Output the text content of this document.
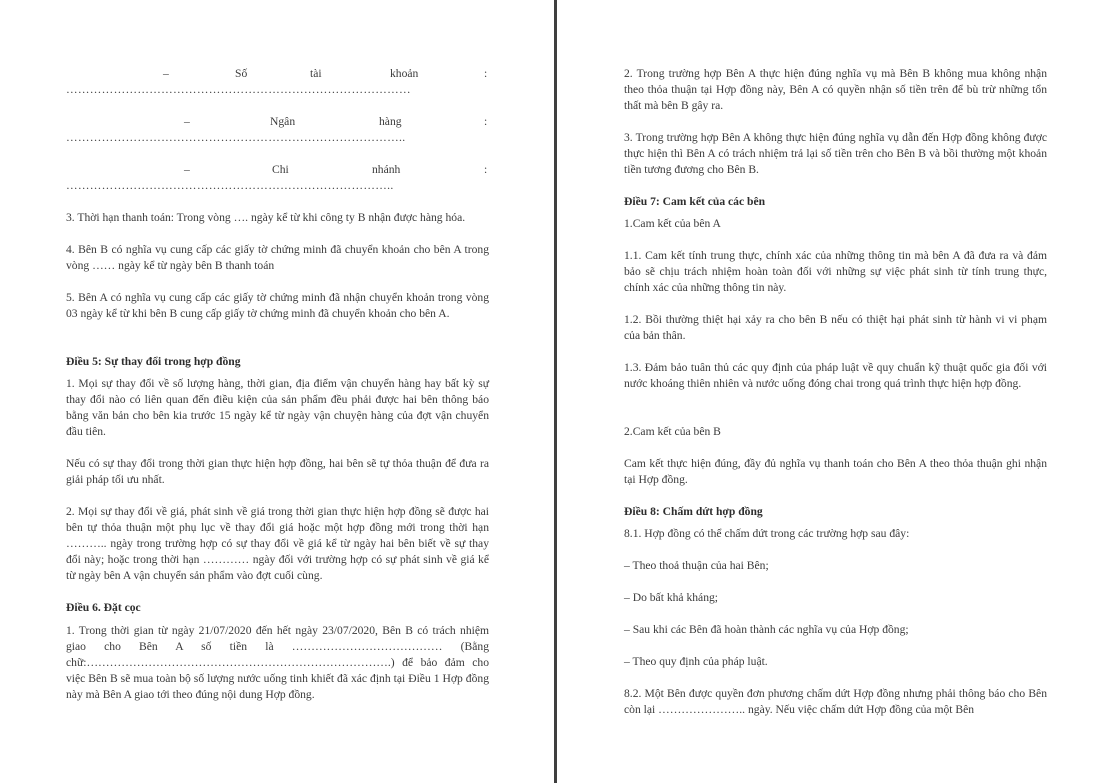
–	Số	tài	khoản	:
……………………………………………………………………………
–	Ngân	hàng	:
…………………………………………………………………………..
–	Chi	nhánh	:
………………………………………………………………………..

3. Thời hạn thanh toán: Trong vòng …. ngày kể từ khi công ty B nhận được hàng hóa.

4. Bên B có nghĩa vụ cung cấp các giấy tờ chứng minh đã chuyển khoản cho bên A trong vòng …… ngày kể từ ngày bên B thanh toán

5. Bên A có nghĩa vụ cung cấp các giấy tờ chứng minh đã nhận chuyển khoản trong vòng 03 ngày kể từ khi bên B cung cấp giấy tờ chứng minh đã chuyển khoản cho bên A.

Điều 5: Sự thay đổi trong hợp đồng

1. Mọi sự thay đổi về số lượng hàng, thời gian, địa điểm vận chuyển hàng hay bất kỳ sự thay đổi nào có liên quan đến điều kiện của sản phẩm đều phải được hai bên thông báo bằng văn bản cho bên kia trước 15 ngày kể từ ngày vận chuyện hàng của đợt vận chuyển đầu tiên.

Nếu có sự thay đổi trong thời gian thực hiện hợp đồng, hai bên sẽ tự thỏa thuận để đưa ra giải pháp tối ưu nhất.

2. Mọi sự thay đổi về giá, phát sinh về giá trong thời gian thực hiện hợp đồng sẽ được hai bên tự thỏa thuận một phụ lục về thay đổi giá hoặc một hợp đồng mới trong thời hạn ……….. ngày trong trường hợp có sự thay đổi về giá kể từ ngày hai bên biết về sự thay đổi này; hoặc trong thời hạn ………… ngày đối với trường hợp có sự phát sinh về giá kể từ ngày bên A vận chuyển sản phẩm vào đợt cuối cùng.

Điều 6. Đặt cọc

1. Trong thời gian từ ngày 21/07/2020 đến hết ngày 23/07/2020, Bên B có trách nhiệm giao cho Bên A số tiền là ………………………………… (Bằng chữ:…………………………………………………………………….) để bảo đảm cho việc Bên B sẽ mua toàn bộ số lượng nước uống tinh khiết đã xác định tại Điều 1 Hợp đồng này mà Bên A giao tới theo đúng nội dung Hợp đồng.

2. Trong trường hợp Bên A thực hiện đúng nghĩa vụ mà Bên B không mua không nhận theo thỏa thuận tại Hợp đồng này, Bên A có quyền nhận số tiền trên để bù trừ những tổn thất mà bên B gây ra.

3. Trong trường hợp Bên A không thực hiện đúng nghĩa vụ dẫn đến Hợp đồng không được thực hiện thì Bên A có trách nhiệm trả lại số tiền trên cho Bên B và bồi thường một khoản tiền tương đương cho Bên B.

Điều 7: Cam kết của các bên

1.Cam kết của bên A

1.1. Cam kết tính trung thực, chính xác của những thông tin mà bên A đã đưa ra và đảm bảo sẽ chịu trách nhiệm hoàn toàn đối với những sự việc phát sinh từ tính trung thực, chính xác của những thông tin này.

1.2. Bồi thường thiệt hại xảy ra cho bên B nếu có thiệt hại phát sinh từ hành vi vi phạm của bản thân.

1.3. Đảm bảo tuân thủ các quy định của pháp luật về quy chuẩn kỹ thuật quốc gia đối với nước khoáng thiên nhiên và nước uống đóng chai trong quá trình thực hiện hợp đồng.

2.Cam kết của bên B

Cam kết thực hiện đúng, đầy đủ nghĩa vụ thanh toán cho Bên A theo thỏa thuận ghi nhận tại Hợp đồng.

Điều 8: Chấm dứt hợp đồng

8.1. Hợp đồng có thể chấm dứt trong các trường hợp sau đây:

– Theo thoả thuận của hai Bên;

– Do bất khả kháng;

– Sau khi các Bên đã hoàn thành các nghĩa vụ của Hợp đồng;

– Theo quy định của pháp luật.

8.2. Một Bên được quyền đơn phương chấm dứt Hợp đồng nhưng phải thông báo cho Bên còn lại ………………….. ngày. Nếu việc chấm dứt Hợp đồng của một Bên
